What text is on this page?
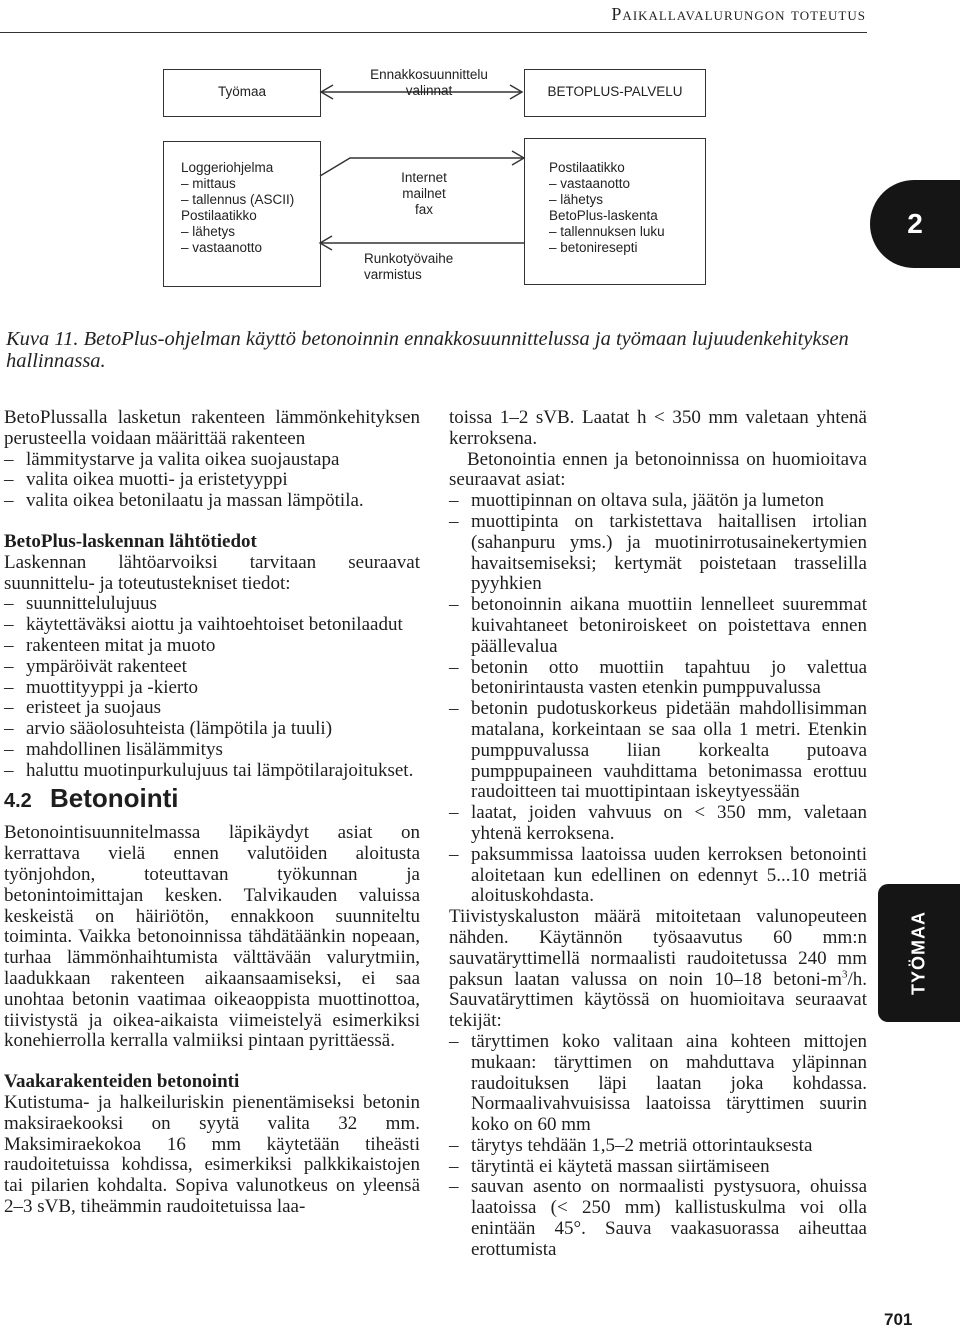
Paikallavalurungon toteutus
Työmaa
Ennakkosuunnittelu
valinnat	BETOPLUS-PALVELU
Loggeriohjelma
– mittaus
– tallennus (ASCII)
Postilaatikko
– lähetys
– vastaanotto
Internet
mailnet
fax
Runkotyövaihe
varmistus
Postilaatikko
– vastaanotto
– lähetys
BetoPlus-laskenta
– tallennuksen luku
– betoniresepti
Kuva 11. BetoPlus-ohjelman käyttö betonoinnin ennakkosuunnittelussa ja työmaan lujuudenkehityksen hallinnassa.

BetoPlussalla lasketun rakenteen lämmönkehityksen perusteella voidaan määrittää rakenteen

– lämmitystarve ja valita oikea suojaustapa
– valita oikea muotti- ja eristetyyppi
– valita oikea betonilaatu ja massan lämpötila.

BetoPlus-laskennan lähtötiedot

Laskennan lähtöarvoiksi tarvitaan seuraavat suunnittelu- ja toteutustekniset tiedot:

– suunnittelulujuus
– käytettäväksi aiottu ja vaihtoehtoiset betonilaadut
– rakenteen mitat ja muoto
– ympäröivät rakenteet
– muottityyppi ja -kierto
– eristeet ja suojaus
– arvio sääolosuhteista (lämpötila ja tuuli)
– mahdollinen lisälämmitys
– haluttu muotinpurkulujuus tai lämpötilarajoitukset.
4.2 Betonointi

Betonointisuunnitelmassa läpikäydyt asiat on kerrattava vielä ennen valutöiden aloitusta työnjohdon, toteuttavan työkunnan ja betonintoimittajan kesken. Talvikauden valuissa keskeistä on häiriötön, ennakkoon suunniteltu toiminta. Vaikka betonoinnissa tähdätäänkin nopeaan, turhaa lämmönhaihtumista välttävään valurytmiin, laadukkaan rakenteen aikaansaamiseksi, ei saa unohtaa betonin vaatimaa oikeaoppista muottinottoa, tiivistystä ja oikea-aikaista viimeistelyä esimerkiksi konehierrolla kerralla valmiiksi pintaan pyrittäessä.

Vaakarakenteiden betonointi

Kutistuma- ja halkeiluriskin pienentämiseksi betonin maksiraekooksi on syytä valita 32 mm. Maksimiraekokoa 16 mm käytetään tiheästi raudoitetuissa kohdissa, esimerkiksi palkkikaistojen tai pilarien kohdalta. Sopiva valunotkeus on yleensä 2–3 sVB, tiheämmin raudoitetuissa laa-

toissa 1–2 sVB. Laatat h < 350 mm valetaan yhtenä kerroksena.

Betonointia ennen ja betonoinnissa on huomioitava seuraavat asiat:

– muottipinnan on oltava sula, jäätön ja lumeton
– muottipinta on tarkistettava haitallisen irtolian (sahanpuru yms.) ja muotinirrotusainekertymien havaitsemiseksi; kertymät poistetaan trasselilla pyyhkien
– betonoinnin aikana muottiin lennelleet suuremmat kuivahtaneet betoniroiskeet on poistettava ennen päällevalua
– betonin otto muottiin tapahtuu jo valettua betonirintausta vasten etenkin pumppuvalussa
– betonin pudotuskorkeus pidetään mahdollisimman matalana, korkeintaan se saa olla 1 metri. Etenkin pumppuvalussa liian korkealta putoava pumppupaineen vauhdittama betonimassa erottuu raudoitteen tai muottipintaan iskeytyessään
– laatat, joiden vahvuus on < 350 mm, valetaan yhtenä kerroksena.
– paksummissa laatoissa uuden kerroksen betonointi aloitetaan kun edellinen on edennyt 5...10 metriä aloituskohdasta.

Tiivistyskaluston määrä mitoitetaan valunopeuteen nähden. Käytännön työsaavutus 60 mm:n sauvatäryttimellä normaalisti raudoitetussa 240 mm paksun laatan valussa on noin 10–18 betoni-$m^3/h$. Sauvatäryttimen käytössä on huomioitava seuraavat tekijät:

– täryttimen koko valitaan aina kohteen mittojen mukaan: täryttimen on mahduttava yläpinnan raudoituksen läpi laatan joka kohdassa. Normaalivahvuisissa laatoissa täryttimen suurin koko on 60 mm
– tärytys tehdään 1,5–2 metriä ottorintauksesta
– tärytintä ei käytetä massan siirtämiseen
– sauvan asento on normaalisti pystysuora, ohuissa laatoissa (< 250 mm) kallistuskulma voi olla enintään 45°. Sauva vaakasuorassa aiheuttaa erottumista
2
TYÖMAA
701
